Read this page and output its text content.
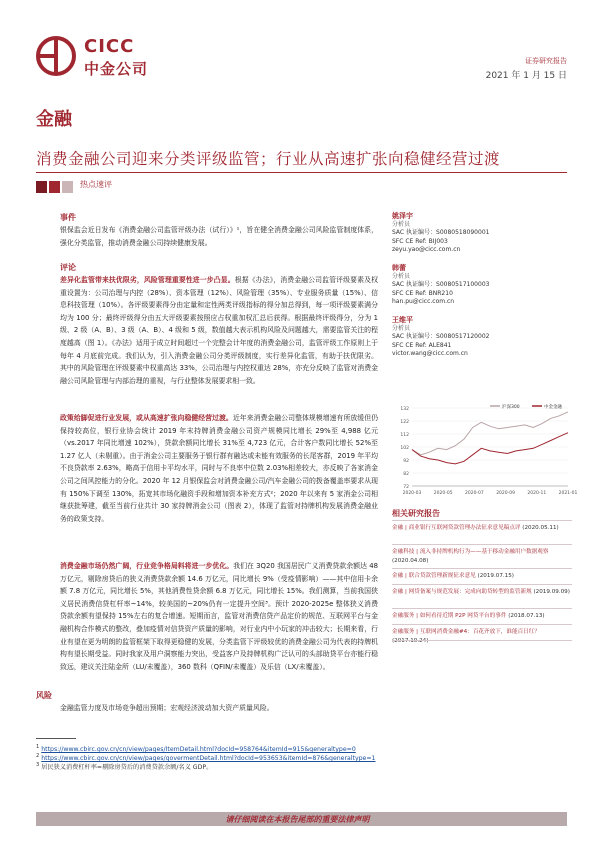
CICC
中金公司	证券研究报告
2021 年 1 月 15 日
金融
消费金融公司迎来分类评级监管；行业从高速扩张向稳健经营过渡
热点速评
事件
银保监会近日发布《消费金融公司监管评级办法（试行）》¹，旨在健全消费金融公司风险监管制度体系，强化分类监管，推动消费金融公司持续健康发展。
评论
差异化监管带来扶优限劣，风险管理重要性进一步凸显。根据《办法》，消费金融公司监管评级要素及权重设置为：公司治理与内控（28%）、资本管理（12%）、风险管理（35%）、专业服务质量（15%）、信息科技管理（10%）。各评级要素得分由定量和定性两类评级指标的得分加总得到，每一项评级要素满分均为 100 分；最终评级得分由五大评级要素按照应占权重加权汇总后获得。根据最终评级得分，分为 1 级、2 级（A、B）、3 级（A、B）、4 级和 5 级，数值越大表示机构风险及问题越大，需要监管关注的程度越高（图 1）。《办法》适用于成立时间超过一个完整会计年度的消费金融公司，监管评级工作原则上于每年 4 月底前完成。我们认为，引入消费金融公司分类评级制度，实行差异化监管，有助于扶优限劣。其中的风险管理在评级要素中权重高达 33%，公司治理与内控权重达 28%，亦充分反映了监管对消费金融公司风险管理与内部治理的重视，与行业整体发展要求相一致。
政策给脚促进行业发展，或从高速扩张向稳健经营过渡。近年来消费金融公司整体规模增速有所放缓但仍保持较高位，银行业协会统计 2019 年末持牌消费金融公司资产规模同比增长 29%至 4,988 亿元（vs.2017 年同比增速 102%），贷款余额同比增长 31%至 4,723 亿元，合计客户数同比增长 52%至 1.27 亿人（未剔重）。由于消金公司主要服务于银行群有融达或未能有效服务的长尾客群，2019 年平均不良贷款率 2.63%，略高于信用卡平均水平，同时与不良率中位数 2.03%相差较大，亦反映了各家消金公司之间风控能力的分化。2020 年 12 月银保监会对消费金融公司/汽车金融公司的拨备覆盖率要求从现有 150%下调至 130%，拓宽其市场化融资手段和增加资本补充方式²；2020 年以来有 5 家消金公司相继获批筹建，截至当前行业共计 30 家持牌消金公司（图表 2），体现了监管对持牌机构发展消费金融业务的政策支持。
消费金融市场仍然广阔，行业竞争格局料将进一步优化。我们在 3Q20 我国居民广义消费贷款余额达 48 万亿元，剔除房贷后的狭义消费贷款余额 14.6 万亿元，同比增长 9%（受疫情影响）——其中信用卡余额 7.8 万亿元，同比增长 5%，其他消费性贷余额 6.8 万亿元，同比增长 15%。我们测算，当前我国狭义居民消费信贷杠杆率~14%，较美国的~20%仍有一定提升空间³。预计 2020-2025e 整体狭义消费贷款余额有望保持 15%左右的复合增速。短期而言，监管对消费信贷产品定价的规范、互联网平台与金融机构合作模式的整改，叠加疫情对信贷资产质量的影响，对行业内中小玩家的冲击较大；长期来看，行业有望在更为明朗的监管框架下取得更稳健的发展，分类监管下评级较优的消费金融公司为代表的持牌机构有望长期受益。同时我家及用户洞察能力突出，受益客户及持牌机构广泛认可的头部助贷平台亦能行稳致远，建议关注陆金所（LU/未覆盖），360 数科（QFIN/未覆盖）及乐信（LX/未覆盖）。
风险
金融监管力度及市场竞争超出预期；宏观经济波动加大资产质量风险。
姚泽宇
分析员
SAC 执证编号：S0080518090001
SFC CE Ref: BIJ003
zeyu.yao@cicc.com.cn
韩蕾
分析员
SAC 执证编号：S0080517100003
SFC CE Ref: BNR210
han.pu@cicc.com.cn
王维平
分析员
SAC 执证编号：S0080517120002
SFC CE Ref: ALE841
victor.wang@cicc.com.cn
72
82
92
102
112
122
132
2020-03	2020-05	2020-07	2020-09	2020-11	2021-01
沪深300	中金金融
相关研究报告
金融 | 商业银行互联网贷款管理办法征求意见稿点评 (2020.05.11)
金融科技 | 流入非持牌机构行为——基于移动金融用户数据观察 (2020.04.08)
金融 | 联合贷款管理新规征求意见 (2019.07.15)
金融 | 网贷备案与规范发展：完成向助贷转型的监管新规 (2019.09.09)
金融服务 | 如何看待近期 P2P 网贷平台的事件 (2018.07.13)
金融服务 | 互联网消费金融#4：百花齐放下，谁能百日红？
$^1$ https://www.cbirc.gov.cn/cn/view/pages/ItemDetail.html?docId=958764&itemId=915&generaltype=0
$^2$ https://www.cbirc.gov.cn/cn/view/pages/govermentDetail.html?docId=953653&itemId=876&generaltype=1
$^3$ 居民狭义消费杠杆率=剔除房贷后的消费贷款余额/名义 GDP。
请仔细阅读在本报告尾部的重要法律声明
